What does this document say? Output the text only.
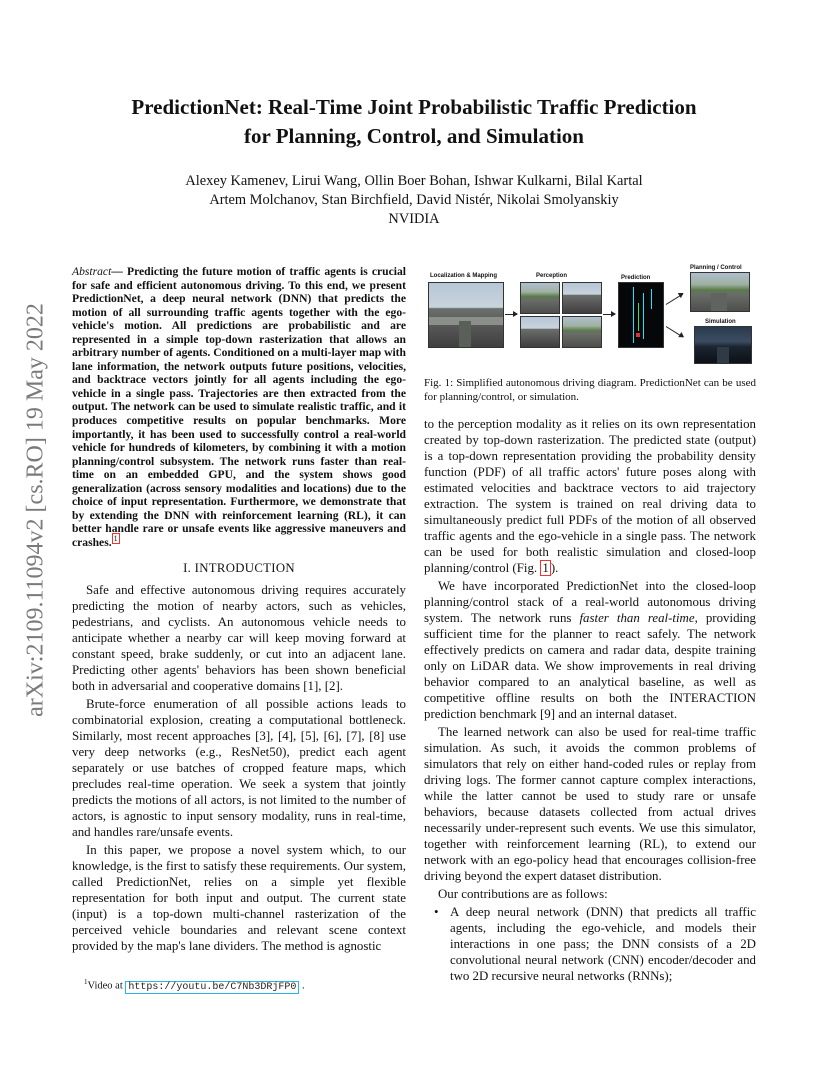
arXiv:2109.11094v2 [cs.RO] 19 May 2022
PredictionNet: Real-Time Joint Probabilistic Traffic Prediction
for Planning, Control, and Simulation
Alexey Kamenev, Lirui Wang, Ollin Boer Bohan, Ishwar Kulkarni, Bilal Kartal
Artem Molchanov, Stan Birchfield, David Nistér, Nikolai Smolyanskiy
NVIDIA
Abstract— Predicting the future motion of traffic agents is crucial for safe and efficient autonomous driving. To this end, we present PredictionNet, a deep neural network (DNN) that predicts the motion of all surrounding traffic agents together with the ego-vehicle's motion. All predictions are probabilistic and are represented in a simple top-down rasterization that allows an arbitrary number of agents. Conditioned on a multi-layer map with lane information, the network outputs future positions, velocities, and backtrace vectors jointly for all agents including the ego-vehicle in a single pass. Trajectories are then extracted from the output. The network can be used to simulate realistic traffic, and it produces competitive results on popular benchmarks. More importantly, it has been used to successfully control a real-world vehicle for hundreds of kilometers, by combining it with a motion planning/control subsystem. The network runs faster than real-time on an embedded GPU, and the system shows good generalization (across sensory modalities and locations) due to the choice of input representation. Furthermore, we demonstrate that by extending the DNN with reinforcement learning (RL), it can better handle rare or unsafe events like aggressive maneuvers and crashes. $^1$
I. INTRODUCTION

Safe and effective autonomous driving requires accurately predicting the motion of nearby actors, such as vehicles, pedestrians, and cyclists. An autonomous vehicle needs to anticipate whether a nearby car will keep moving forward at constant speed, brake suddenly, or cut into an adjacent lane. Predicting other agents' behaviors has been shown beneficial both in adversarial and cooperative domains [1], [2].

Brute-force enumeration of all possible actions leads to combinatorial explosion, creating a computational bottleneck. Similarly, most recent approaches [3], [4], [5], [6], [7], [8] use very deep networks (e.g., ResNet50), predict each agent separately or use batches of cropped feature maps, which precludes real-time operation. We seek a system that jointly predicts the motions of all actors, is not limited to the number of actors, is agnostic to input sensory modality, runs in real-time, and handles rare/unsafe events.

In this paper, we propose a novel system which, to our knowledge, is the first to satisfy these requirements. Our system, called PredictionNet, relies on a simple yet flexible representation for both input and output. The current state (input) is a top-down multi-channel rasterization of the perceived vehicle boundaries and relevant scene context provided by the map's lane dividers. The method is agnostic

$^1$Video at https://youtu.be/C7Nb3DRjFP0 .
Localization & Mapping	Perception	Prediction
Planning / Control
Simulation

Fig. 1: Simplified autonomous driving diagram. PredictionNet can be used for planning/control, or simulation.

to the perception modality as it relies on its own representation created by top-down rasterization. The predicted state (output) is a top-down representation providing the probability density function (PDF) of all traffic actors' future poses along with estimated velocities and backtrace vectors to aid trajectory extraction. The system is trained on real driving data to simultaneously predict full PDFs of the motion of all observed traffic agents and the ego-vehicle in a single pass. The network can be used for both realistic simulation and closed-loop planning/control (Fig. 1 ).

We have incorporated PredictionNet into the closed-loop planning/control stack of a real-world autonomous driving system. The network runs faster than real-time, providing sufficient time for the planner to react safely. The network effectively predicts on camera and radar data, despite training only on LiDAR data. We show improvements in real driving behavior compared to an analytical baseline, as well as competitive offline results on both the INTERACTION prediction benchmark [9] and an internal dataset.

The learned network can also be used for real-time traffic simulation. As such, it avoids the common problems of simulators that rely on either hand-coded rules or replay from driving logs. The former cannot capture complex interactions, while the latter cannot be used to study rare or unsafe behaviors, because datasets collected from actual drives necessarily under-represent such events. We use this simulator, together with reinforcement learning (RL), to extend our network with an ego-policy head that encourages collision-free driving beyond the expert dataset distribution.

Our contributions are as follows:

• A deep neural network (DNN) that predicts all traffic agents, including the ego-vehicle, and models their interactions in one pass; the DNN consists of a 2D convolutional neural network (CNN) encoder/decoder and two 2D recursive neural networks (RNNs);
